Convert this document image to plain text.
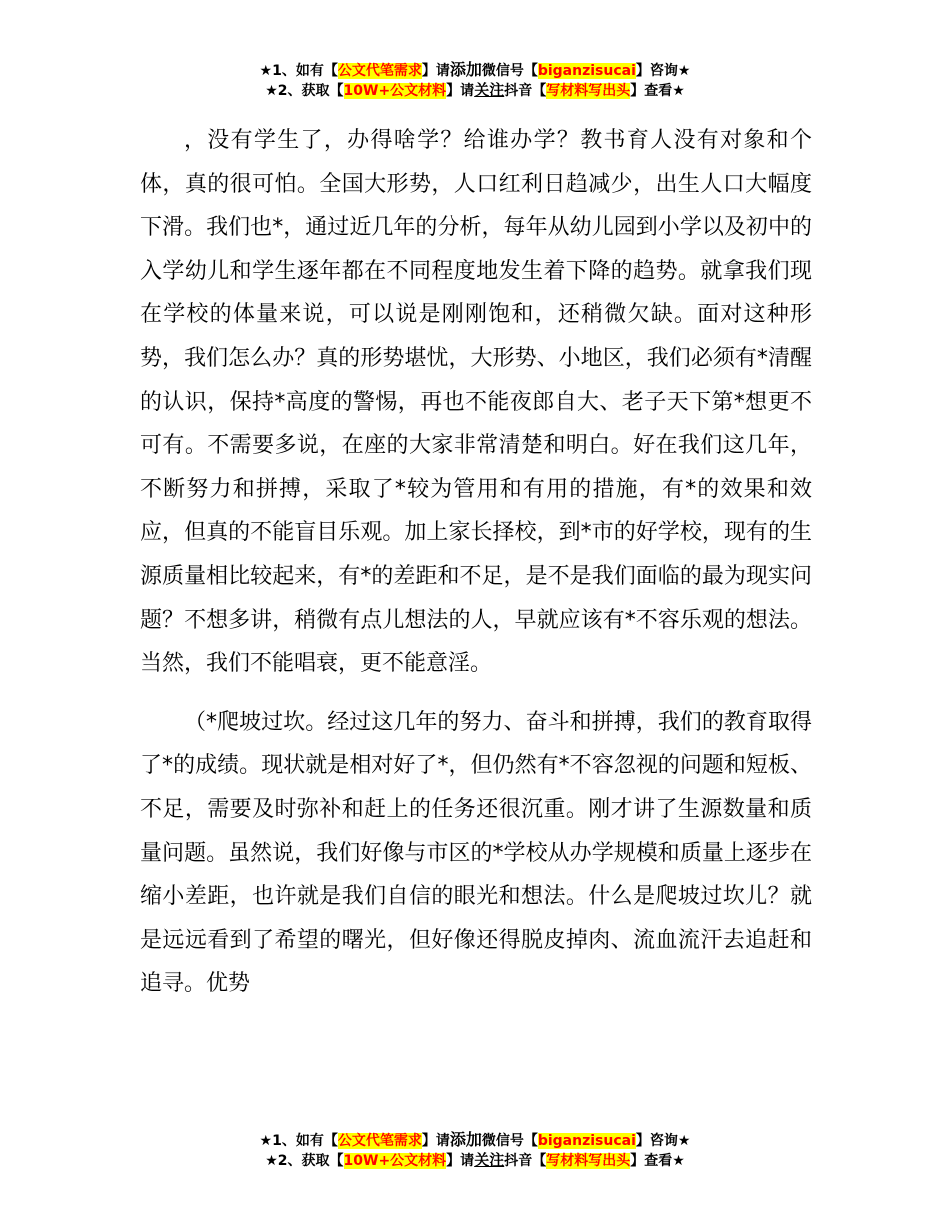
★1、如有【公文代笔需求】请添加微信号【biganzisucai】咨询★
★2、获取【10W+公文材料】请关注抖音【写材料写出头】查看★

，没有学生了，办得啥学？给谁办学？教书育人没有对象和个体，真的很可怕。全国大形势，人口红利日趋减少，出生人口大幅度下滑。我们也*，通过近几年的分析，每年从幼儿园到小学以及初中的入学幼儿和学生逐年都在不同程度地发生着下降的趋势。就拿我们现在学校的体量来说，可以说是刚刚饱和，还稍微欠缺。面对这种形势，我们怎么办？真的形势堪忧，大形势、小地区，我们必须有*清醒的认识，保持*高度的警惕，再也不能夜郎自大、老子天下第*想更不可有。不需要多说，在座的大家非常清楚和明白。好在我们这几年，不断努力和拼搏，采取了*较为管用和有用的措施，有*的效果和效应，但真的不能盲目乐观。加上家长择校，到*市的好学校，现有的生源质量相比较起来，有*的差距和不足，是不是我们面临的最为现实问题？不想多讲，稍微有点儿想法的人，早就应该有*不容乐观的想法。当然，我们不能唱衰，更不能意淫。

（*爬坡过坎。经过这几年的努力、奋斗和拼搏，我们的教育取得了*的成绩。现状就是相对好了*，但仍然有*不容忽视的问题和短板、不足，需要及时弥补和赶上的任务还很沉重。刚才讲了生源数量和质量问题。虽然说，我们好像与市区的*学校从办学规模和质量上逐步在缩小差距，也许就是我们自信的眼光和想法。什么是爬坡过坎儿？就是远远看到了希望的曙光，但好像还得脱皮掉肉、流血流汗去追赶和追寻。优势

★1、如有【公文代笔需求】请添加微信号【biganzisucai】咨询★
★2、获取【10W+公文材料】请关注抖音【写材料写出头】查看★
